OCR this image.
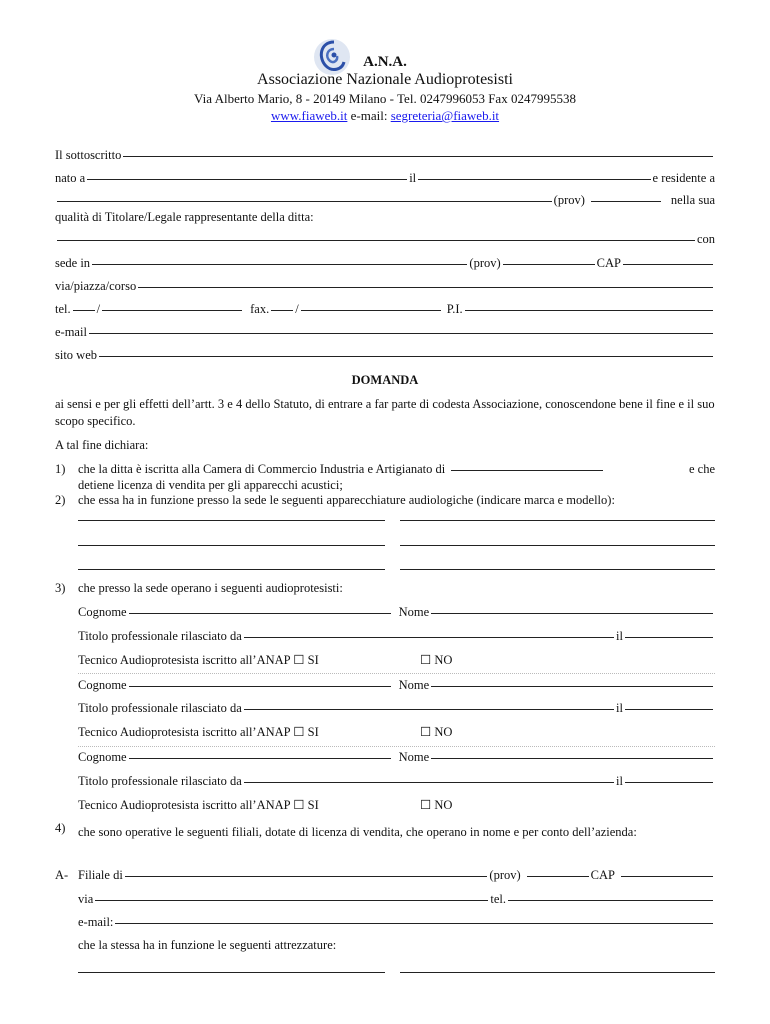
A.N.A.
Associazione Nazionale Audioprotesisti
Via Alberto Mario, 8 - 20149 Milano - Tel. 0247996053 Fax 0247995538
www.fiaweb.it e-mail: segreteria@fiaweb.it
Il sottoscritto
nato a	il	e residente a
(prov)	nella sua
qualità di Titolare/Legale rappresentante della ditta:
con
sede in	(prov)	CAP
via/piazza/corso
tel. /	fax. /	P.I.
e-mail
sito web
DOMANDA
ai sensi e per gli effetti dell’artt. 3 e 4 dello Statuto, di entrare a far parte di codesta Associazione, conoscendone bene il fine e il suo scopo specifico.
A tal fine dichiara:
1) che la ditta è iscritta alla Camera di Commercio Industria e Artigianato di	e che
detiene licenza di vendita per gli apparecchi acustici;
2) che essa ha in funzione presso la sede le seguenti apparecchiature audiologiche (indicare marca e modello):
3) che presso la sede operano i seguenti audioprotesisti:
Cognome	Nome
Titolo professionale rilasciato da	il
Tecnico Audioprotesista iscritto all’ANAP ☐ SI	☐ NO
Cognome	Nome
Titolo professionale rilasciato da	il
Tecnico Audioprotesista iscritto all’ANAP ☐ SI	☐ NO
Cognome	Nome
Titolo professionale rilasciato da	il
Tecnico Audioprotesista iscritto all’ANAP ☐ SI	☐ NO
4) che sono operative le seguenti filiali, dotate di licenza di vendita, che operano in nome e per conto dell’azienda:
A- Filiale di	(prov)	CAP
via	tel.
e-mail:
che la stessa ha in funzione le seguenti attrezzature:
